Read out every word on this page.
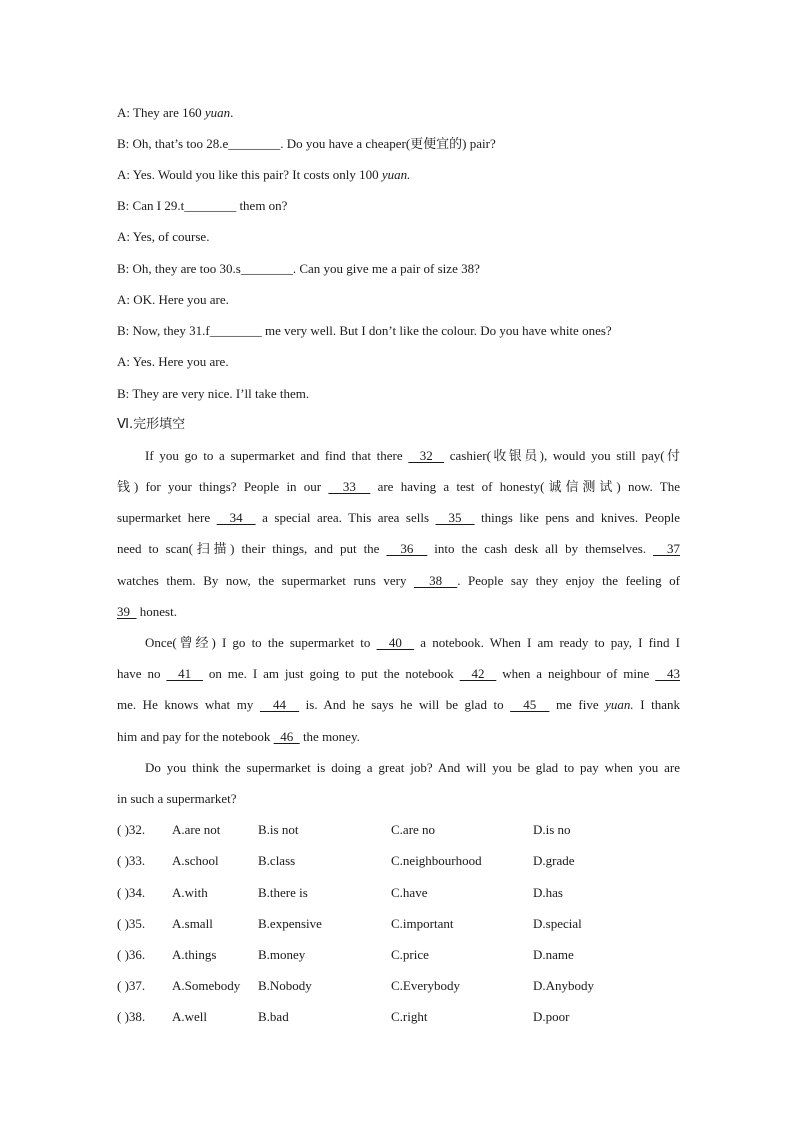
A: They are 160 yuan.
B: Oh, that’s too 28.e________. Do you have a cheaper(更便宜的) pair?
A: Yes. Would you like this pair? It costs only 100 yuan.
B: Can I 29.t________ them on?
A: Yes, of course.
B: Oh, they are too 30.s________. Can you give me a pair of size 38?
A: OK. Here you are.
B: Now, they 31.f________ me very well. But I don’t like the colour. Do you have white ones?
A: Yes. Here you are.
B: They are very nice. I’ll take them.
Ⅵ.完形填空
If you go to a supermarket and find that there   32   cashier(收银员), would you still pay(付
钱) for your things? People in our   33   are having a test of honesty(诚信测试) now. The
supermarket here   34   a special area. This area sells   35   things like pens and knives. People
need to scan(扫描) their things, and put the   36   into the cash desk all by themselves.   37
watches them. By now, the supermarket runs very   38  . People say they enjoy the feeling of
39   honest.
Once(曾经) I go to the supermarket to   40   a notebook. When I am ready to pay, I find I
have no   41   on me. I am just going to put the notebook   42   when a neighbour of mine   43
me. He knows what my   44   is. And he says he will be glad to   45   me five yuan. I thank
him and pay for the notebook   46   the money.
Do you think the supermarket is doing a great job? And will you be glad to pay when you are
in such a supermarket?
( )32. A.are not	B.is not	C.are no	D.is no
( )33. A.school	B.class	C.neighbourhood	D.grade
( )34. A.with	B.there is	C.have	D.has
( )35. A.small	B.expensive	C.important	D.special
( )36. A.things	B.money	C.price	D.name
( )37. A.Somebody B.Nobody	C.Everybody	D.Anybody
( )38. A.well	B.bad	C.right	D.poor
